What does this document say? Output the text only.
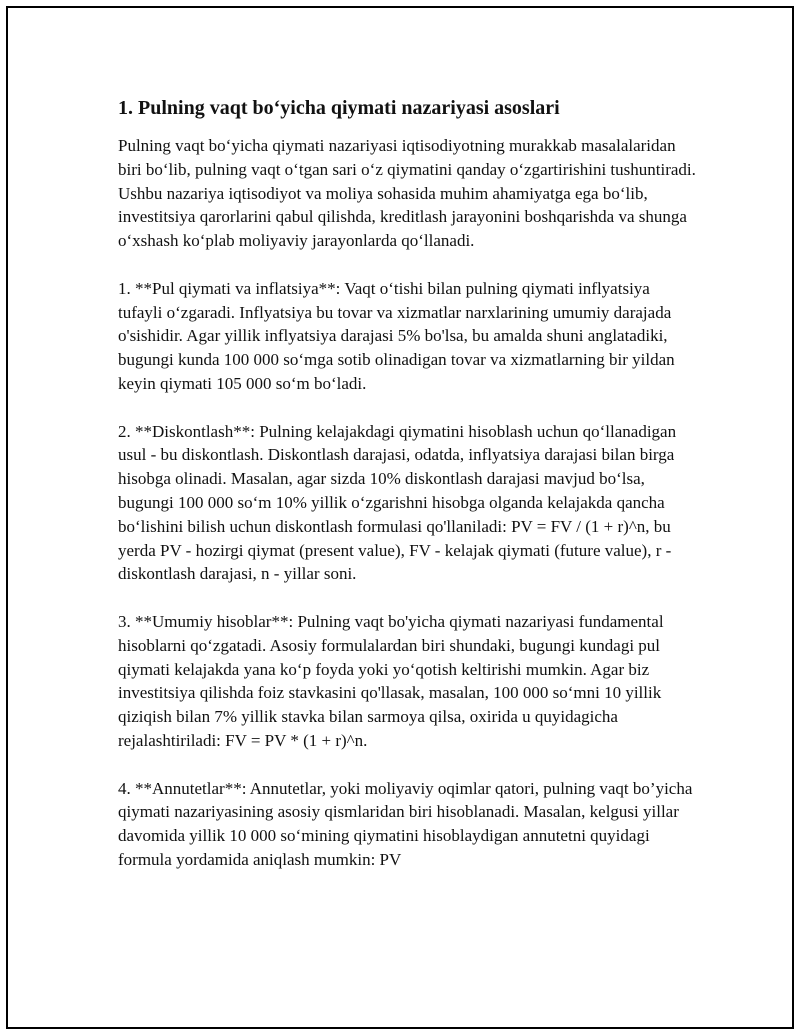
1. Pulning vaqt bo‘yicha qiymati nazariyasi asoslari

Pulning vaqt bo‘yicha qiymati nazariyasi iqtisodiyotning murakkab masalalaridan biri bo‘lib, pulning vaqt o‘tgan sari o‘z qiymatini qanday o‘zgartirishini tushuntiradi. Ushbu nazariya iqtisodiyot va moliya sohasida muhim ahamiyatga ega bo‘lib, investitsiya qarorlarini qabul qilishda, kreditlash jarayonini boshqarishda va shunga o‘xshash ko‘plab moliyaviy jarayonlarda qo‘llanadi.

1. **Pul qiymati va inflatsiya**: Vaqt o‘tishi bilan pulning qiymati inflyatsiya tufayli o‘zgaradi. Inflyatsiya bu tovar va xizmatlar narxlarining umumiy darajada o'sishidir. Agar yillik inflyatsiya darajasi 5% bo'lsa, bu amalda shuni anglatadiki, bugungi kunda 100 000 so‘mga sotib olinadigan tovar va xizmatlarning bir yildan keyin qiymati 105 000 so‘m bo‘ladi.

2. **Diskontlash**: Pulning kelajakdagi qiymatini hisoblash uchun qo‘llanadigan usul - bu diskontlash. Diskontlash darajasi, odatda, inflyatsiya darajasi bilan birga hisobga olinadi. Masalan, agar sizda 10% diskontlash darajasi mavjud bo‘lsa, bugungi 100 000 so‘m 10% yillik o‘zgarishni hisobga olganda kelajakda qancha bo‘lishini bilish uchun diskontlash formulasi qo'llaniladi: PV = FV / (1 + r)^n, bu yerda PV - hozirgi qiymat (present value), FV - kelajak qiymati (future value), r - diskontlash darajasi, n - yillar soni.

3. **Umumiy hisoblar**: Pulning vaqt bo'yicha qiymati nazariyasi fundamental hisoblarni qo‘zgatadi. Asosiy formulalardan biri shundaki, bugungi kundagi pul qiymati kelajakda yana ko‘p foyda yoki yo‘qotish keltirishi mumkin. Agar biz investitsiya qilishda foiz stavkasini qo'llasak, masalan, 100 000 so‘mni 10 yillik qiziqish bilan 7% yillik stavka bilan sarmoya qilsa, oxirida u quyidagicha rejalashtiriladi: FV = PV * (1 + r)^n.

4. **Annutetlar**: Annutetlar, yoki moliyaviy oqimlar qatori, pulning vaqt bo’yicha qiymati nazariyasining asosiy qismlaridan biri hisoblanadi. Masalan, kelgusi yillar davomida yillik 10 000 so‘mining qiymatini hisoblaydigan annutetni quyidagi formula yordamida aniqlash mumkin: PV
